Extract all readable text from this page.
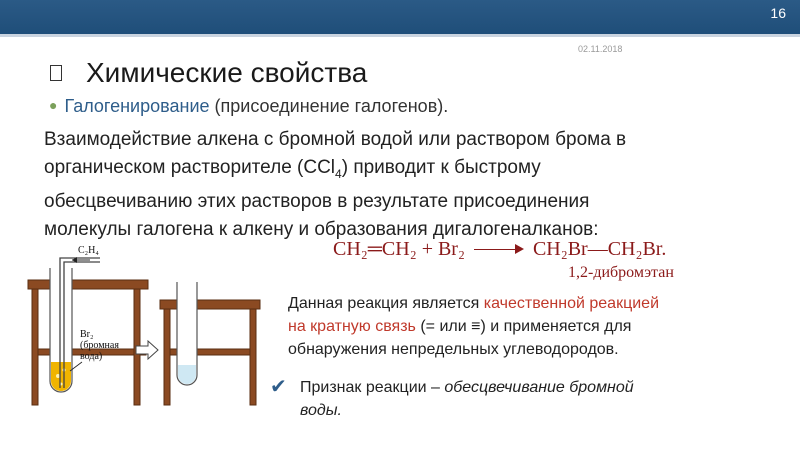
16
02.11.2018
Химические свойства
● Галогенирование (присоединение галогенов).

Взаимодействие алкена с бромной водой или раствором брома в

органическом растворителе (CCl$_4$) приводит к быстрому

обесцвечиванию этих растворов в результате присоединения

молекулы галогена к алкену и образования дигалогеналканов:

CH₂═CH₂ + Br₂	CH₂Br—CH₂Br.
1,2-дибромэтан
C₂H₄
Br₂
(бромная
вода)

Данная реакция является качественной реакцией

на кратную связь (= или ≡) и применяется для

обнаружения непредельных углеводородов.

✔ Признак реакции – обесцвечивание бромной

воды.
